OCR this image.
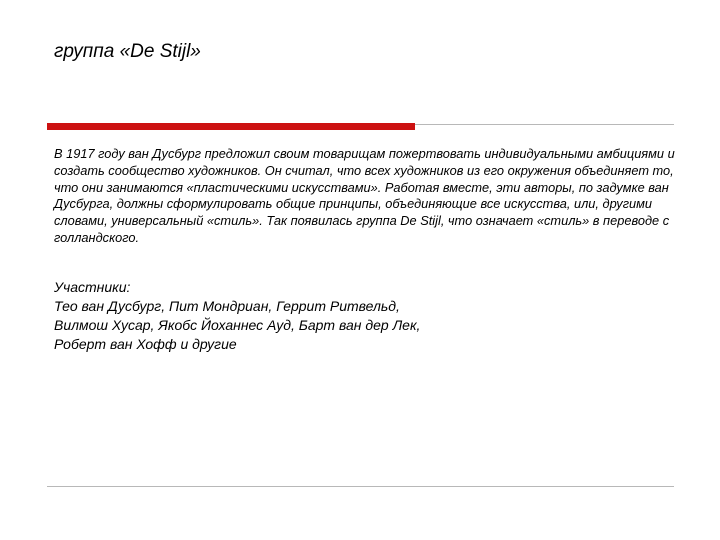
группа «De Stijl»
В 1917 году ван Дусбург предложил своим товарищам пожертвовать индивидуальными амбициями и создать сообщество художников. Он считал, что всех художников из его окружения объединяет то, что они занимаются «пластическими искусствами». Работая вместе, эти авторы, по задумке ван Дусбурга, должны сформулировать общие принципы, объединяющие все искусства, или, другими словами, универсальный «стиль». Так появилась группа De Stijl, что означает «стиль» в переводе с голландского.
Участники:
Тео ван Дусбург, Пит Мондриан, Геррит Ритвельд,
Вилмош Хусар, Якобс Йоханнес Ауд, Барт ван дер Лек,
Роберт ван Хофф и другие
